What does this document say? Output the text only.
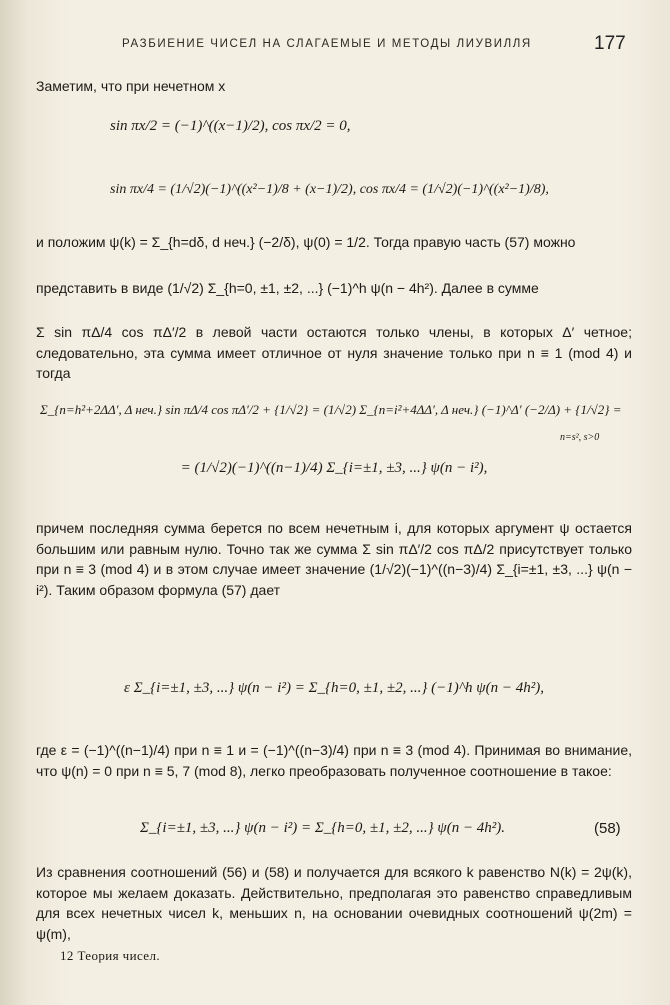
РАЗБИЕНИЕ ЧИСЕЛ НА СЛАГАЕМЫЕ И МЕТОДЫ ЛИУВИЛЛЯ	177
Заметим, что при нечетном x
sin πx/2 = (−1)^((x−1)/2), cos πx/2 = 0,
sin πx/4 = (1/√2)(−1)^((x²−1)/8 + (x−1)/2), cos πx/4 = (1/√2)(−1)^((x²−1)/8),
и положим ψ(k) = Σ_{h=dδ, d неч.} (−2/δ), ψ(0) = 1/2. Тогда правую часть (57) можно
представить в виде (1/√2) Σ_{h=0, ±1, ±2, ...} (−1)^h ψ(n − 4h²). Далее в сумме
Σ sin πΔ/4 cos πΔ′/2 в левой части остаются только члены, в которых Δ′ четное; следовательно, эта сумма имеет отличное от нуля значение только при n ≡ 1 (mod 4) и тогда
Σ_{n=h²+2ΔΔ′, Δ неч.} sin πΔ/4 cos πΔ′/2 + {1/√2} = (1/√2) Σ_{n=i²+4ΔΔ′, Δ неч.} (−1)^Δ′ (−2/Δ) + {1/√2} =
n=s², s>0
= (1/√2)(−1)^((n−1)/4) Σ_{i=±1, ±3, ...} ψ(n − i²),
причем последняя сумма берется по всем нечетным i, для которых аргумент ψ остается большим или равным нулю. Точно так же сумма Σ sin πΔ′/2 cos πΔ/2 присутствует только при n ≡ 3 (mod 4) и в этом случае имеет значение (1/√2)(−1)^((n−3)/4) Σ_{i=±1, ±3, ...} ψ(n − i²). Таким образом формула (57) дает
ε Σ_{i=±1, ±3, ...} ψ(n − i²) = Σ_{h=0, ±1, ±2, ...} (−1)^h ψ(n − 4h²),
где ε = (−1)^((n−1)/4) при n ≡ 1 и = (−1)^((n−3)/4) при n ≡ 3 (mod 4). Принимая во внимание, что ψ(n) = 0 при n ≡ 5, 7 (mod 8), легко преобразовать полученное соотношение в такое:
Σ_{i=±1, ±3, ...} ψ(n − i²) = Σ_{h=0, ±1, ±2, ...} ψ(n − 4h²).	(58)
Из сравнения соотношений (56) и (58) и получается для всякого k равенство N(k) = 2ψ(k), которое мы желаем доказать. Действительно, предполагая это равенство справедливым для всех нечетных чисел k, меньших n, на основании очевидных соотношений ψ(2m) = ψ(m),
12 Теория чисел.
